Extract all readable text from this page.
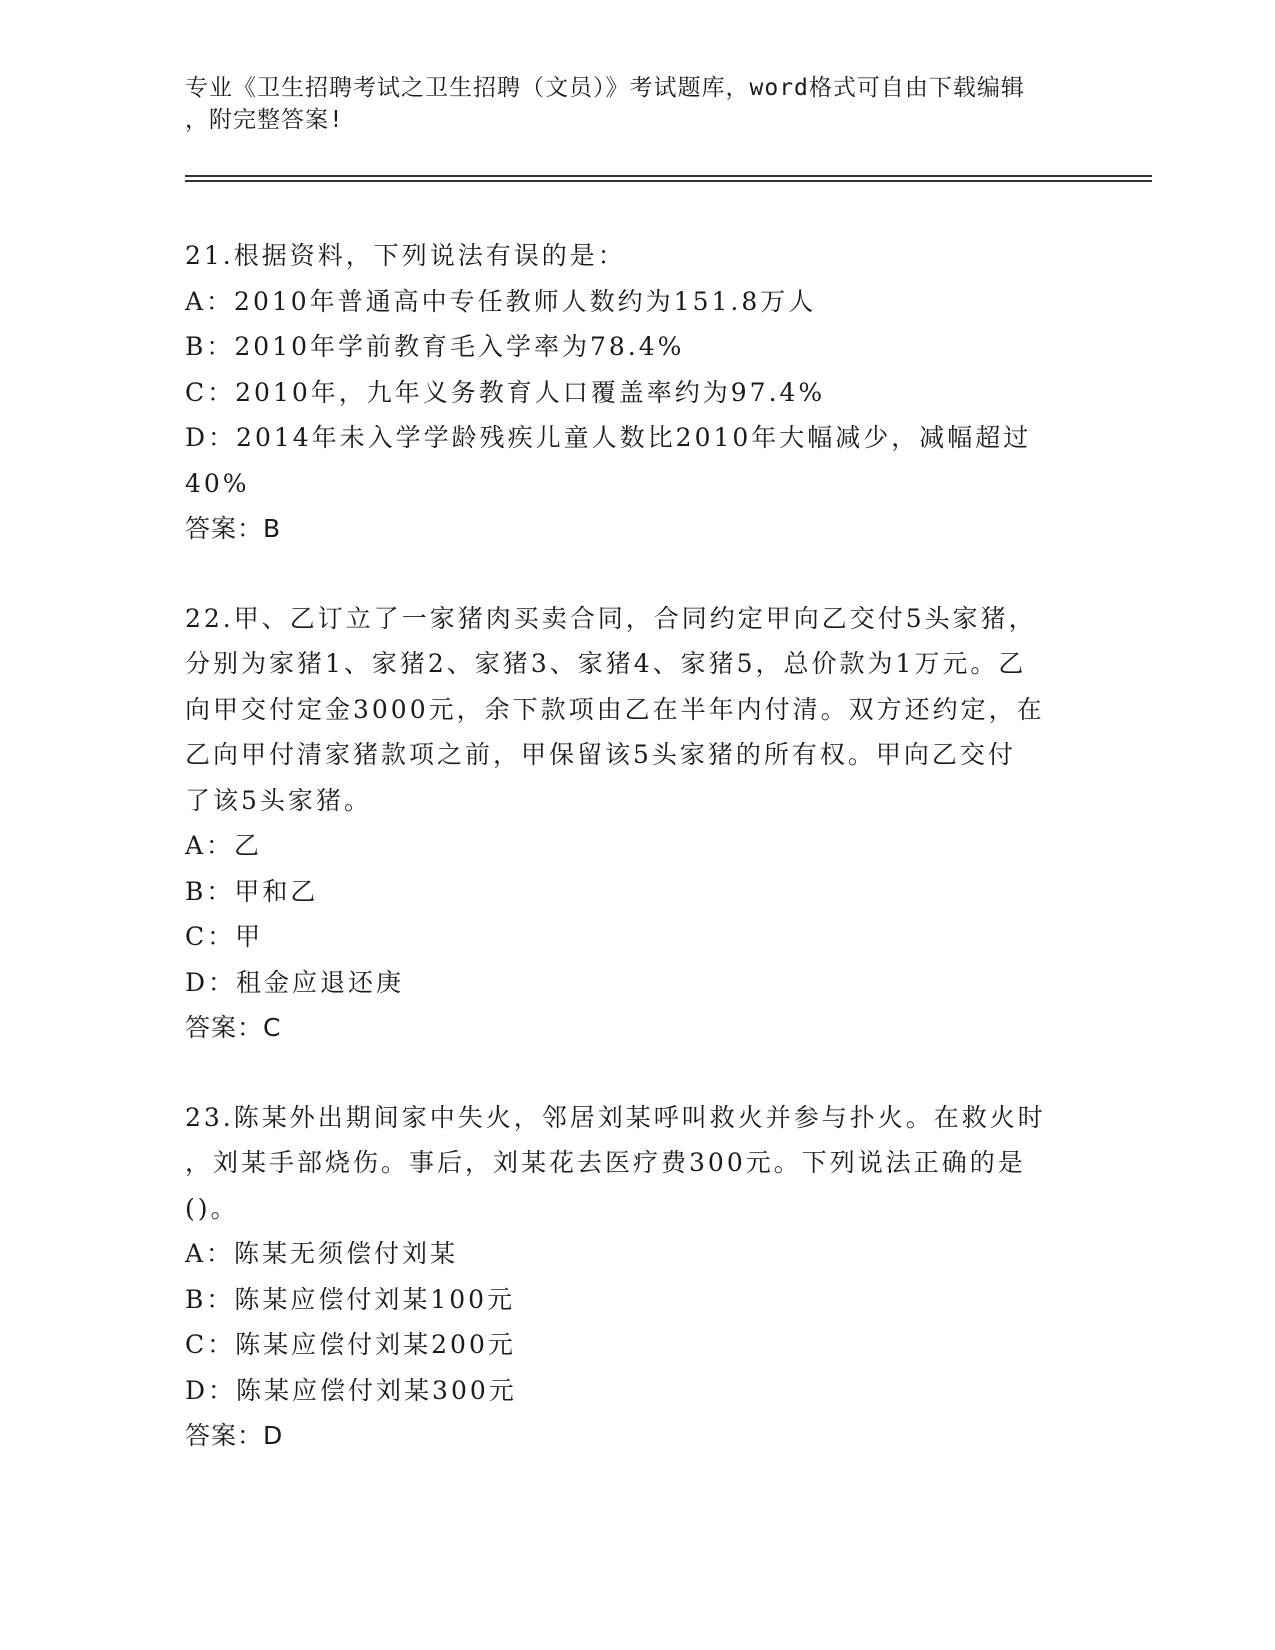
专业《卫生招聘考试之卫生招聘（文员）》考试题库，word格式可自由下载编辑
，附完整答案!
21.根据资料，下列说法有误的是：
A：2010年普通高中专任教师人数约为151.8万人
B：2010年学前教育毛入学率为78.4%
C：2010年，九年义务教育人口覆盖率约为97.4%
D：2014年未入学学龄残疾儿童人数比2010年大幅减少，减幅超过
40%
答案：B
22.甲、乙订立了一家猪肉买卖合同，合同约定甲向乙交付5头家猪，
分别为家猪1、家猪2、家猪3、家猪4、家猪5，总价款为1万元。乙
向甲交付定金3000元，余下款项由乙在半年内付清。双方还约定，在
乙向甲付清家猪款项之前，甲保留该5头家猪的所有权。甲向乙交付
了该5头家猪。
A：乙
B：甲和乙
C：甲
D：租金应退还庚
答案：C
23.陈某外出期间家中失火，邻居刘某呼叫救火并参与扑火。在救火时
，刘某手部烧伤。事后，刘某花去医疗费300元。下列说法正确的是
()。
A：陈某无须偿付刘某
B：陈某应偿付刘某100元
C：陈某应偿付刘某200元
D：陈某应偿付刘某300元
答案：D
